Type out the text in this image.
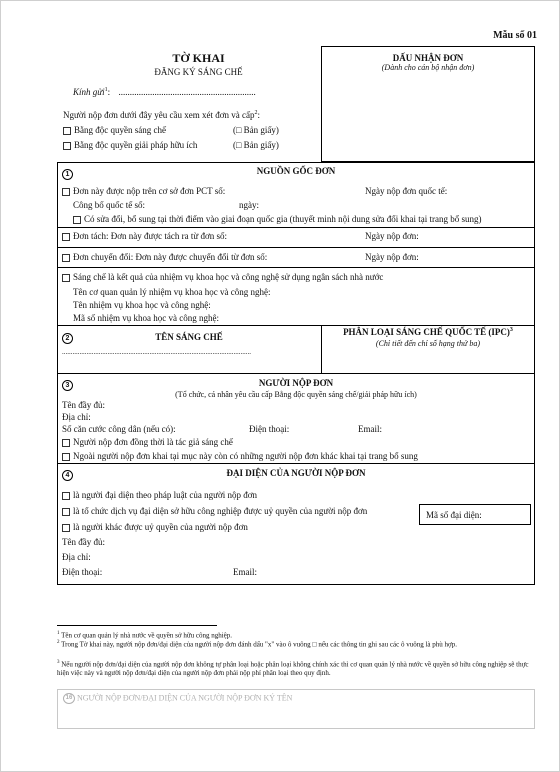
Mẫu số 01
TỜ KHAI
ĐĂNG KÝ SÁNG CHẾ
Kính gửi$^1$: .............................................................
Người nộp đơn dưới đây yêu cầu xem xét đơn và cấp$^2$:
Bằng độc quyền sáng chế	(□ Bản giấy)
Bằng độc quyền giải pháp hữu ích	(□ Bản giấy)
DẤU NHẬN ĐƠN
(Dành cho cán bộ nhận đơn)
1	NGUỒN GỐC ĐƠN
Đơn này được nộp trên cơ sở đơn PCT số:	Ngày nộp đơn quốc tế:
Công bố quốc tế số:	ngày:
Có sửa đổi, bổ sung tại thời điểm vào giai đoạn quốc gia (thuyết minh nội dung sửa đổi khai tại trang bổ sung)
Đơn tách: Đơn này được tách ra từ đơn số:	Ngày nộp đơn:
Đơn chuyển đổi: Đơn này được chuyển đổi từ đơn số:	Ngày nộp đơn:
Sáng chế là kết quả của nhiệm vụ khoa học và công nghệ sử dụng ngân sách nhà nước
Tên cơ quan quản lý nhiệm vụ khoa học và công nghệ:
Tên nhiệm vụ khoa học và công nghệ:
Mã số nhiệm vụ khoa học và công nghệ:
2	TÊN SÁNG CHẾ
............................................................................................................
PHÂN LOẠI SÁNG CHẾ QUỐC TẾ (IPC)$^3$
(Chỉ tiết đến chỉ số hạng thứ ba)
3	NGƯỜI NỘP ĐƠN
(Tổ chức, cá nhân yêu cầu cấp Bằng độc quyền sáng chế/giải pháp hữu ích)
Tên đầy đủ:
Địa chỉ:
Số căn cước công dân (nếu có):	Điện thoại:	Email:
Người nộp đơn đồng thời là tác giả sáng chế
Ngoài người nộp đơn khai tại mục này còn có những người nộp đơn khác khai tại trang bổ sung
4	ĐẠI DIỆN CỦA NGƯỜI NỘP ĐƠN
là người đại diện theo pháp luật của người nộp đơn
là tổ chức dịch vụ đại diện sở hữu công nghiệp được uỷ quyền của người nộp đơn
là người khác được uỷ quyền của người nộp đơn
Mã số đại diện:
Tên đầy đủ:
Địa chỉ:
Điện thoại:	Email:
$^1$ Tên cơ quan quản lý nhà nước về quyền sở hữu công nghiệp.
$^2$ Trong Tờ khai này, người nộp đơn/đại diện của người nộp đơn đánh dấu "x" vào ô vuông □ nếu các thông tin ghi sau các ô vuông là phù hợp.
$^3$ Nếu người nộp đơn/đại diện của người nộp đơn không tự phân loại hoặc phân loại không chính xác thì cơ quan quản lý nhà nước về quyền sở hữu công nghiệp sẽ thực hiện việc này và người nộp đơn/đại diện của người nộp đơn phải nộp phí phân loại theo quy định.
16 NGƯỜI NỘP ĐƠN/ĐẠI DIỆN CỦA NGƯỜI NỘP ĐƠN KÝ TÊN
